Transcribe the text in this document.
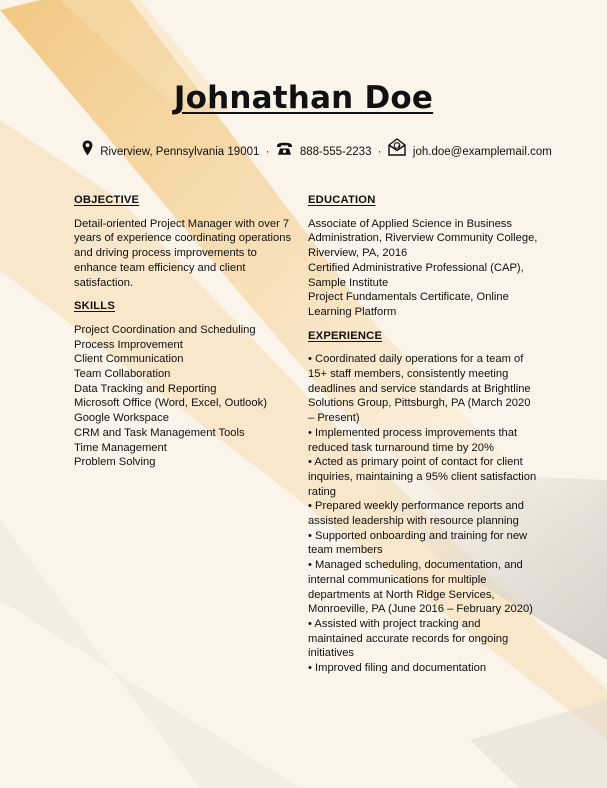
Johnathan Doe
Riverview, Pennsylvania 19001 ·	888-555-2233 ·	joh.doe@examplemail.com
OBJECTIVE

Detail-oriented Project Manager with over 7 years of experience coordinating operations and driving process improvements to enhance team efficiency and client satisfaction.

SKILLS
Project Coordination and Scheduling
Process Improvement
Client Communication
Team Collaboration
Data Tracking and Reporting
Microsoft Office (Word, Excel, Outlook)
Google Workspace
CRM and Task Management Tools
Time Management
Problem Solving
EDUCATION
Associate of Applied Science in Business Administration, Riverview Community College, Riverview, PA, 2016
Certified Administrative Professional (CAP), Sample Institute
Project Fundamentals Certificate, Online Learning Platform
EXPERIENCE
• Coordinated daily operations for a team of 15+ staff members, consistently meeting deadlines and service standards at Brightline Solutions Group, Pittsburgh, PA (March 2020 – Present)
• Implemented process improvements that reduced task turnaround time by 20%
• Acted as primary point of contact for client inquiries, maintaining a 95% client satisfaction rating
• Prepared weekly performance reports and assisted leadership with resource planning
• Supported onboarding and training for new team members
• Managed scheduling, documentation, and internal communications for multiple departments at North Ridge Services, Monroeville, PA (June 2016 – February 2020)
• Assisted with project tracking and maintained accurate records for ongoing initiatives
• Improved filing and documentation
